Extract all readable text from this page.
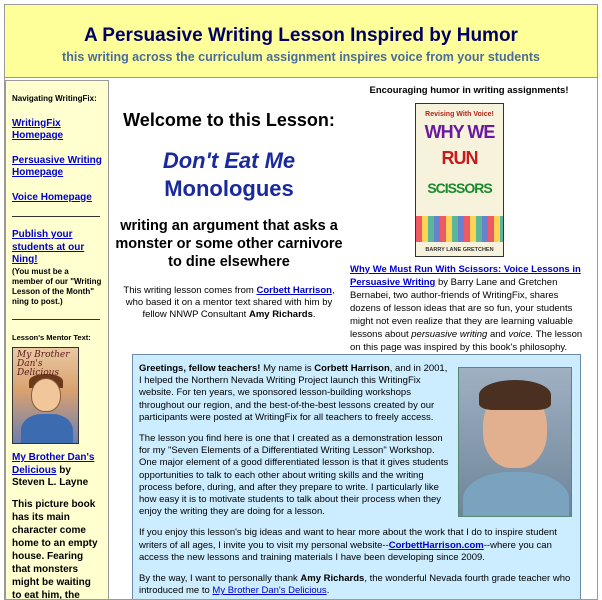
A Persuasive Writing Lesson Inspired by Humor
this writing across the curriculum assignment inspires voice from your students
Navigating WritingFix:
WritingFix Homepage
Persuasive Writing Homepage
Voice Homepage
Publish your students at our Ning!
(You must be a member of our "Writing Lesson of the Month" ning to post.)
Lesson's Mentor Text:
My Brother Dan's Delicious
My Brother Dan's Delicious by Steven L. Layne
This picture book has its main character come home to an empty house. Fearing that monsters might be waiting to eat him, the
Welcome to this Lesson:
Don't Eat Me
Monologues
writing an argument that asks a monster or some other carnivore to dine elsewhere
This writing lesson comes from Corbett Harrison, who based it on a mentor text shared with him by fellow NNWP Consultant Amy Richards.
Encouraging humor in writing assignments!
Revising With Voice!
WHY WE
RUN
SCISSORS
BARRY LANE GRETCHEN
Why We Must Run With Scissors: Voice Lessons in Persuasive Writing by Barry Lane and Gretchen Bernabei, two author-friends of WritingFix, shares dozens of lesson ideas that are so fun, your students might not even realize that they are learning valuable lessons about persuasive writing and voice. The lesson on this page was inspired by this book's philosophy.

Greetings, fellow teachers! My name is Corbett Harrison, and in 2001, I helped the Northern Nevada Writing Project launch this WritingFix website. For ten years, we sponsored lesson-building workshops throughout our region, and the best-of-the-best lessons created by our participants were posted at WritingFix for all teachers to freely access.

The lesson you find here is one that I created as a demonstration lesson for my "Seven Elements of a Differentiated Writing Lesson" Workshop. One major element of a good differentiated lesson is that it gives students opportunities to talk to each other about writing skills and the writing process before, during, and after they prepare to write. I particularly like how easy it is to motivate students to talk about their process when they enjoy the writing they are doing for a lesson.

If you enjoy this lesson's big ideas and want to hear more about the work that I do to inspire student writers of all ages, I invite you to visit my personal website--CorbettHarrison.com--where you can access the new lessons and training materials I have been developing since 2009.

By the way, I want to personally thank Amy Richards, the wonderful Nevada fourth grade teacher who introduced me to My Brother Dan's Delicious.
